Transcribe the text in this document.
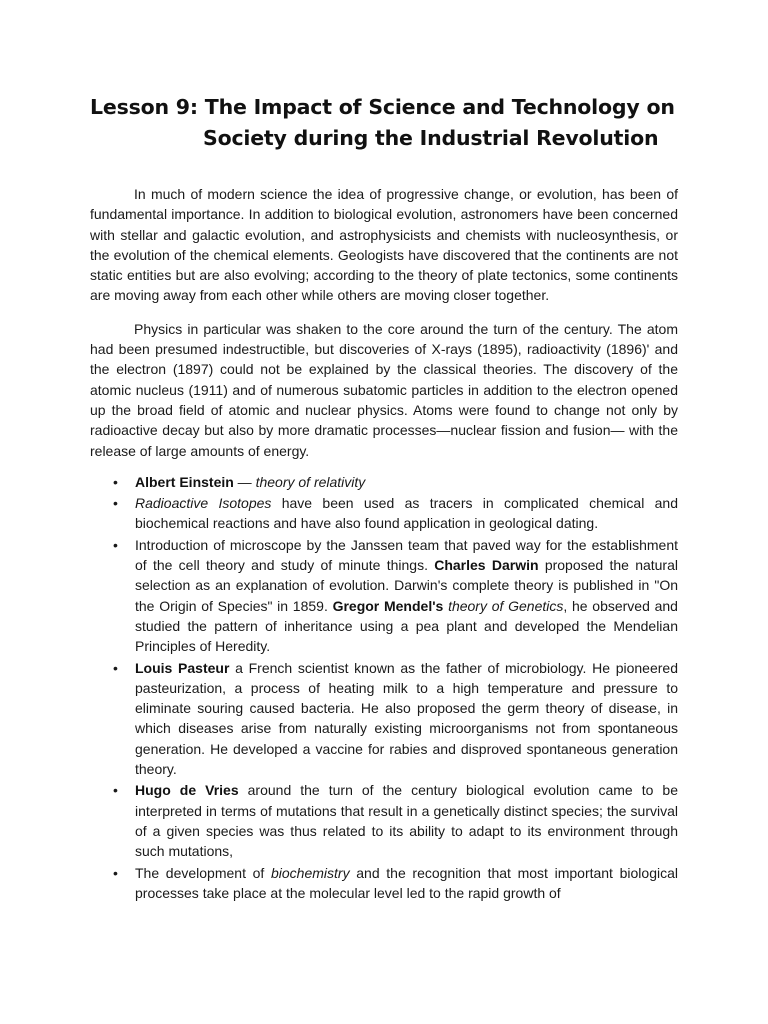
Lesson 9: The Impact of Science and Technology on
Society during the Industrial Revolution

In much of modern science the idea of progressive change, or evolution, has been of fundamental importance. In addition to biological evolution, astronomers have been concerned with stellar and galactic evolution, and astrophysicists and chemists with nucleosynthesis, or the evolution of the chemical elements. Geologists have discovered that the continents are not static entities but are also evolving; according to the theory of plate tectonics, some continents are moving away from each other while others are moving closer together.

Physics in particular was shaken to the core around the turn of the century. The atom had been presumed indestructible, but discoveries of X-rays (1895), radioactivity (1896)' and the electron (1897) could not be explained by the classical theories. The discovery of the atomic nucleus (1911) and of numerous subatomic particles in addition to the electron opened up the broad field of atomic and nuclear physics. Atoms were found to change not only by radioactive decay but also by more dramatic processes—nuclear fission and fusion— with the release of large amounts of energy.

• Albert Einstein — theory of relativity
• Radioactive Isotopes have been used as tracers in complicated chemical and biochemical reactions and have also found application in geological dating.
• Introduction of microscope by the Janssen team that paved way for the establishment of the cell theory and study of minute things. Charles Darwin proposed the natural selection as an explanation of evolution. Darwin's complete theory is published in "On the Origin of Species" in 1859. Gregor Mendel's theory of Genetics, he observed and studied the pattern of inheritance using a pea plant and developed the Mendelian Principles of Heredity.
• Louis Pasteur a French scientist known as the father of microbiology. He pioneered pasteurization, a process of heating milk to a high temperature and pressure to eliminate souring caused bacteria. He also proposed the germ theory of disease, in which diseases arise from naturally existing microorganisms not from spontaneous generation. He developed a vaccine for rabies and disproved spontaneous generation theory.
• Hugo de Vries around the turn of the century biological evolution came to be interpreted in terms of mutations that result in a genetically distinct species; the survival of a given species was thus related to its ability to adapt to its environment through such mutations,
• The development of biochemistry and the recognition that most important biological processes take place at the molecular level led to the rapid growth of
